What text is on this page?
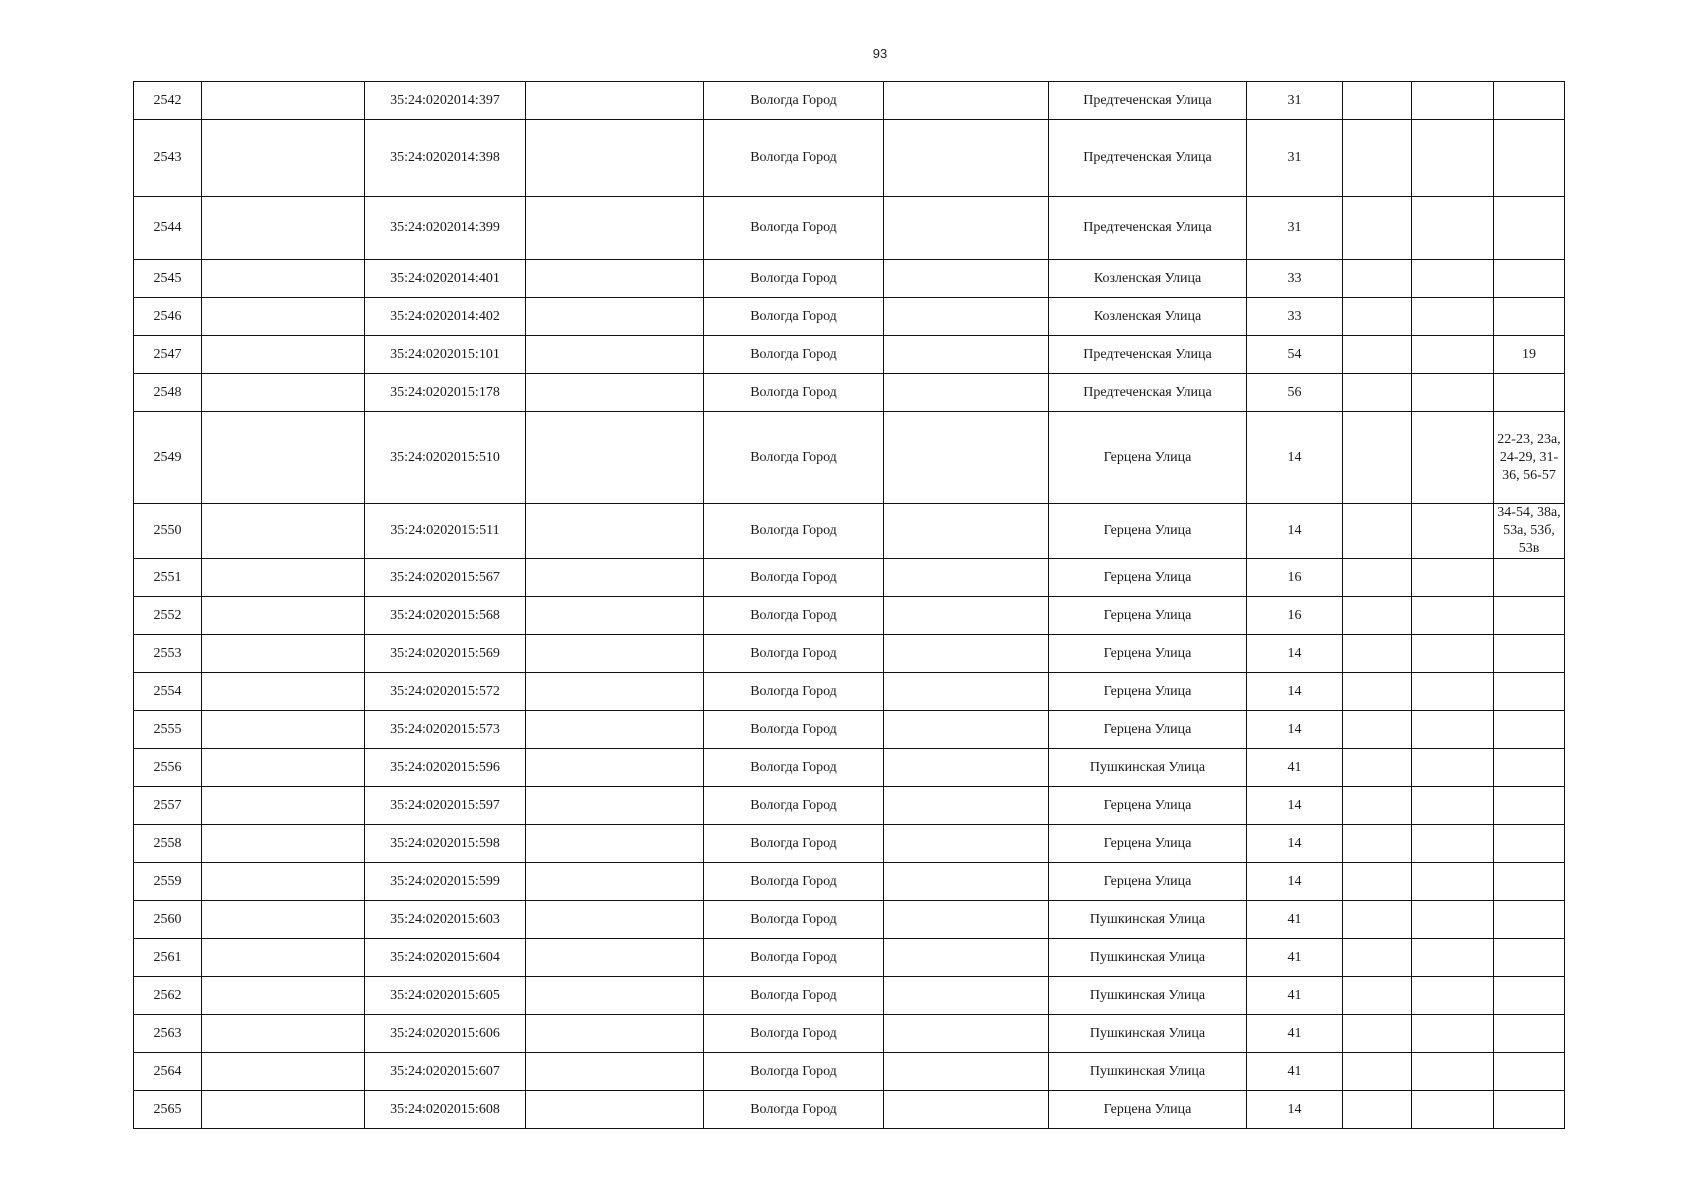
93
2542		35:24:0202014:397		Вологда Город		Предтеченская Улица	31			
2543		35:24:0202014:398		Вологда Город		Предтеченская Улица	31			
2544		35:24:0202014:399		Вологда Город		Предтеченская Улица	31			
2545		35:24:0202014:401		Вологда Город		Козленская Улица	33			
2546		35:24:0202014:402		Вологда Город		Козленская Улица	33			
2547		35:24:0202015:101		Вологда Город		Предтеченская Улица	54			19
2548		35:24:0202015:178		Вологда Город		Предтеченская Улица	56			
2549		35:24:0202015:510		Вологда Город		Герцена Улица	14			22-23, 23а, 24-29, 31-36, 56-57
2550		35:24:0202015:511		Вологда Город		Герцена Улица	14			34-54, 38а, 53а, 53б, 53в
2551		35:24:0202015:567		Вологда Город		Герцена Улица	16			
2552		35:24:0202015:568		Вологда Город		Герцена Улица	16			
2553		35:24:0202015:569		Вологда Город		Герцена Улица	14			
2554		35:24:0202015:572		Вологда Город		Герцена Улица	14			
2555		35:24:0202015:573		Вологда Город		Герцена Улица	14			
2556		35:24:0202015:596		Вологда Город		Пушкинская Улица	41			
2557		35:24:0202015:597		Вологда Город		Герцена Улица	14			
2558		35:24:0202015:598		Вологда Город		Герцена Улица	14			
2559		35:24:0202015:599		Вологда Город		Герцена Улица	14			
2560		35:24:0202015:603		Вологда Город		Пушкинская Улица	41			
2561		35:24:0202015:604		Вологда Город		Пушкинская Улица	41			
2562		35:24:0202015:605		Вологда Город		Пушкинская Улица	41			
2563		35:24:0202015:606		Вологда Город		Пушкинская Улица	41			
2564		35:24:0202015:607		Вологда Город		Пушкинская Улица	41			
2565		35:24:0202015:608		Вологда Город		Герцена Улица	14			
